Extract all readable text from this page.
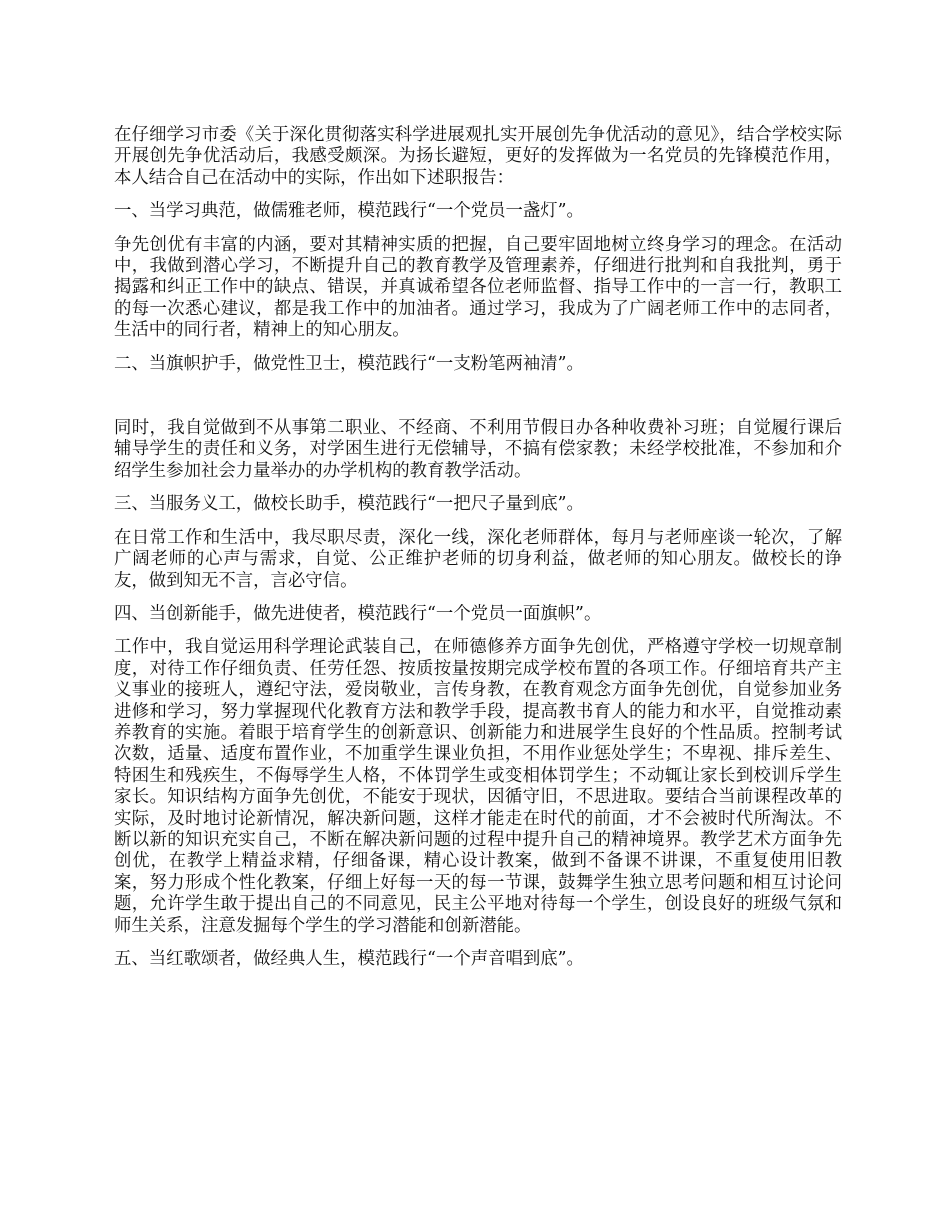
在仔细学习市委《关于深化贯彻落实科学进展观扎实开展创先争优活动的意见》，结合学校实际开展创先争优活动后，我感受颇深。为扬长避短，更好的发挥做为一名党员的先锋模范作用，本人结合自己在活动中的实际，作出如下述职报告：

一、当学习典范，做儒雅老师，模范践行“一个党员一盏灯”。

争先创优有丰富的内涵，要对其精神实质的把握，自己要牢固地树立终身学习的理念。在活动中，我做到潜心学习，不断提升自己的教育教学及管理素养，仔细进行批判和自我批判，勇于揭露和纠正工作中的缺点、错误，并真诚希望各位老师监督、指导工作中的一言一行，教职工的每一次悉心建议，都是我工作中的加油者。通过学习，我成为了广阔老师工作中的志同者，生活中的同行者，精神上的知心朋友。

二、当旗帜护手，做党性卫士，模范践行“一支粉笔两袖清”。

同时，我自觉做到不从事第二职业、不经商、不利用节假日办各种收费补习班；自觉履行课后辅导学生的责任和义务，对学困生进行无偿辅导，不搞有偿家教；未经学校批准，不参加和介绍学生参加社会力量举办的办学机构的教育教学活动。

三、当服务义工，做校长助手，模范践行“一把尺子量到底”。

在日常工作和生活中，我尽职尽责，深化一线，深化老师群体，每月与老师座谈一轮次，了解广阔老师的心声与需求，自觉、公正维护老师的切身利益，做老师的知心朋友。做校长的诤友，做到知无不言，言必守信。

四、当创新能手，做先进使者，模范践行“一个党员一面旗帜”。

工作中，我自觉运用科学理论武装自己，在师德修养方面争先创优，严格遵守学校一切规章制度，对待工作仔细负责、任劳任怨、按质按量按期完成学校布置的各项工作。仔细培育共产主义事业的接班人，遵纪守法，爱岗敬业，言传身教，在教育观念方面争先创优，自觉参加业务进修和学习，努力掌握现代化教育方法和教学手段，提高教书育人的能力和水平，自觉推动素养教育的实施。着眼于培育学生的创新意识、创新能力和进展学生良好的个性品质。控制考试次数，适量、适度布置作业，不加重学生课业负担，不用作业惩处学生；不卑视、排斥差生、特困生和残疾生，不侮辱学生人格，不体罚学生或变相体罚学生；不动辄让家长到校训斥学生家长。知识结构方面争先创优，不能安于现状，因循守旧，不思进取。要结合当前课程改革的实际，及时地讨论新情况，解决新问题，这样才能走在时代的前面，才不会被时代所淘汰。不断以新的知识充实自己，不断在解决新问题的过程中提升自己的精神境界。教学艺术方面争先创优，在教学上精益求精，仔细备课，精心设计教案，做到不备课不讲课，不重复使用旧教案，努力形成个性化教案，仔细上好每一天的每一节课，鼓舞学生独立思考问题和相互讨论问题，允许学生敢于提出自己的不同意见，民主公平地对待每一个学生，创设良好的班级气氛和师生关系，注意发掘每个学生的学习潜能和创新潜能。

五、当红歌颂者，做经典人生，模范践行“一个声音唱到底”。
